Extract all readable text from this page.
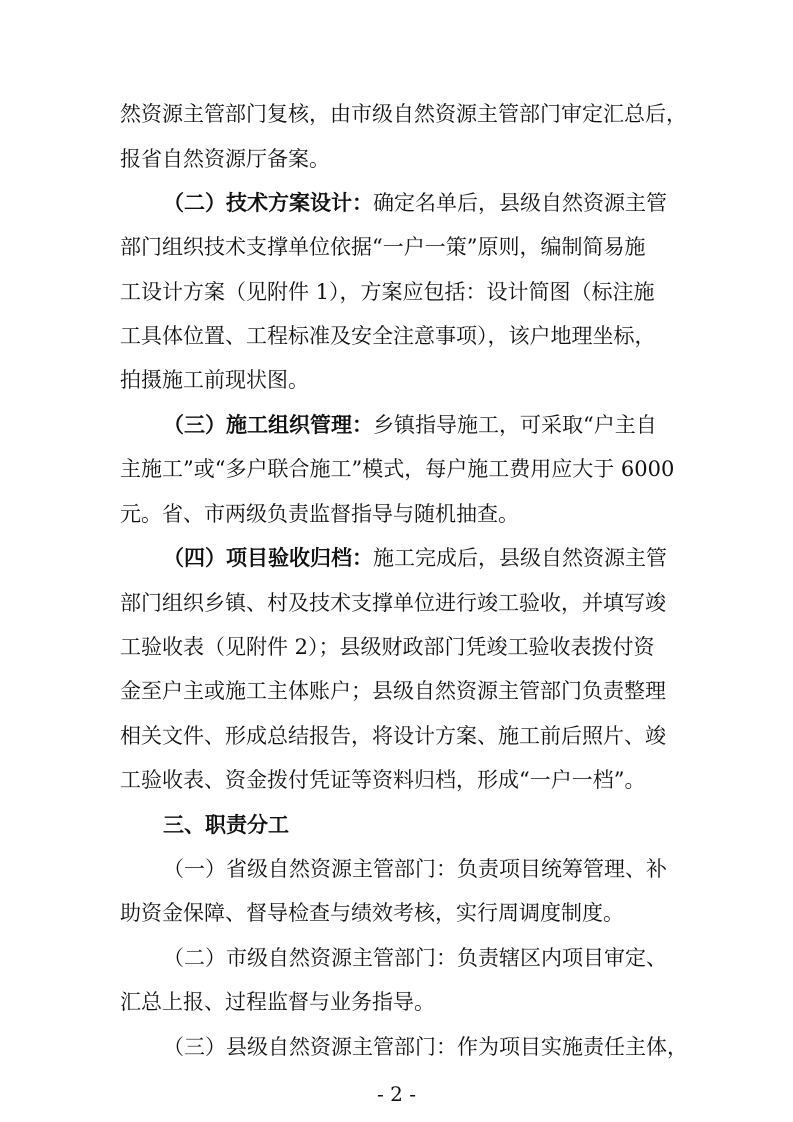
然资源主管部门复核，由市级自然资源主管部门审定汇总后，
报省自然资源厅备案。
（二）技术方案设计：确定名单后，县级自然资源主管
部门组织技术支撑单位依据“一户一策”原则，编制简易施
工设计方案（见附件 1），方案应包括：设计简图（标注施
工具体位置、工程标准及安全注意事项），该户地理坐标，
拍摄施工前现状图。
（三）施工组织管理：乡镇指导施工，可采取“户主自
主施工”或“多户联合施工”模式，每户施工费用应大于 6000
元。省、市两级负责监督指导与随机抽查。
（四）项目验收归档：施工完成后，县级自然资源主管
部门组织乡镇、村及技术支撑单位进行竣工验收，并填写竣
工验收表（见附件 2）；县级财政部门凭竣工验收表拨付资
金至户主或施工主体账户；县级自然资源主管部门负责整理
相关文件、形成总结报告，将设计方案、施工前后照片、竣
工验收表、资金拨付凭证等资料归档，形成“一户一档”。
三、职责分工
（一）省级自然资源主管部门：负责项目统筹管理、补
助资金保障、督导检查与绩效考核，实行周调度制度。
（二）市级自然资源主管部门：负责辖区内项目审定、
汇总上报、过程监督与业务指导。
（三）县级自然资源主管部门：作为项目实施责任主体，
- 2 -
